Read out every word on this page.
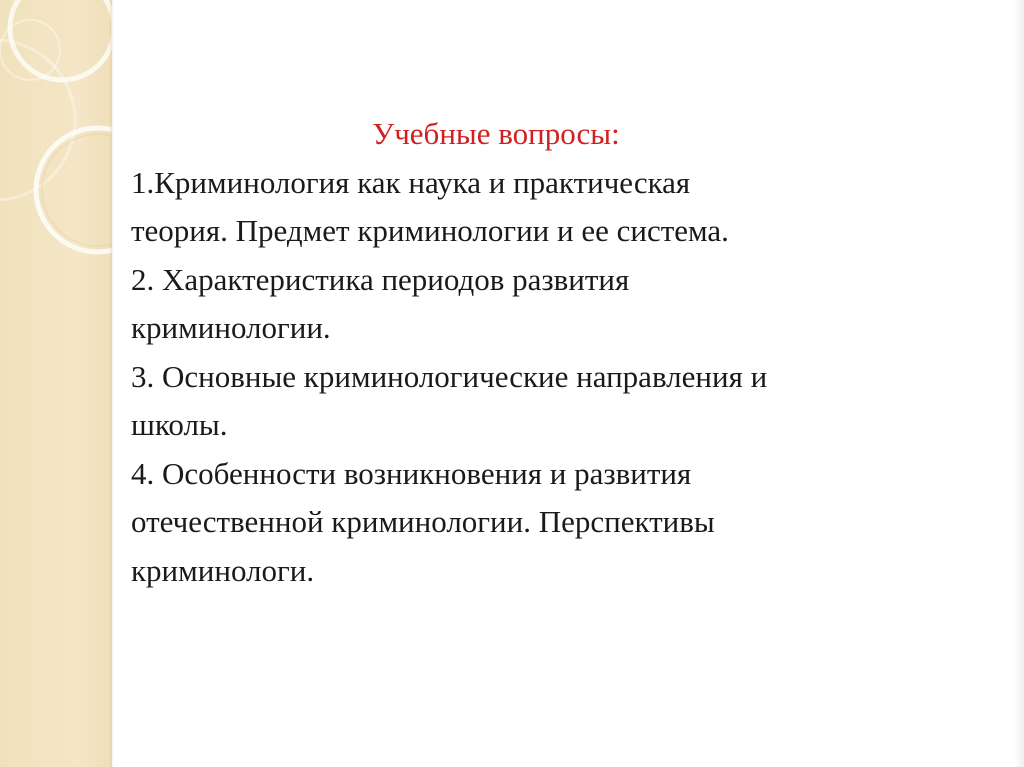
Учебные вопросы:

1.Криминология как наука и практическая
теория. Предмет криминологии и ее система.
2. Характеристика периодов развития
криминологии.
3. Основные криминологические направления и
школы.
4. Особенности возникновения и развития
отечественной криминологии. Перспективы
криминологи.
